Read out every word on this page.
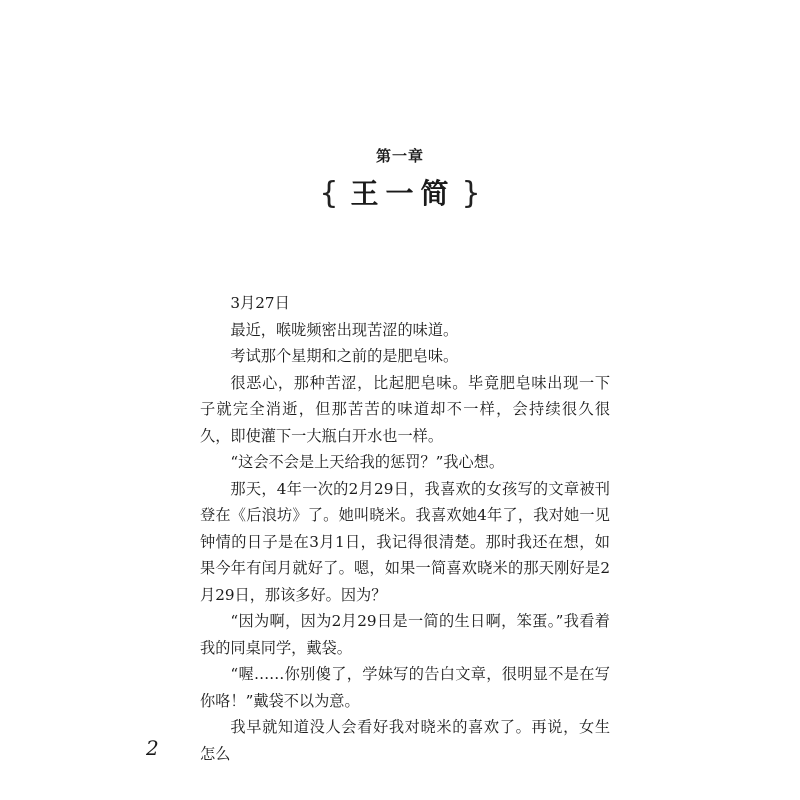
第一章
{ 王一简 }

3月27日

最近，喉咙频密出现苦涩的味道。

考试那个星期和之前的是肥皂味。

很恶心，那种苦涩，比起肥皂味。毕竟肥皂味出现一下子就完全消逝，但那苦苦的味道却不一样，会持续很久很久，即使灌下一大瓶白开水也一样。

“这会不会是上天给我的惩罚？”我心想。

那天，4年一次的2月29日，我喜欢的女孩写的文章被刊登在《后浪坊》了。她叫晓米。我喜欢她4年了，我对她一见钟情的日子是在3月1日，我记得很清楚。那时我还在想，如果今年有闰月就好了。嗯，如果一简喜欢晓米的那天刚好是2月29日，那该多好。因为？

“因为啊，因为2月29日是一简的生日啊，笨蛋。”我看着我的同桌同学，戴袋。

“喔……你别傻了，学妹写的告白文章，很明显不是在写你咯！”戴袋不以为意。

我早就知道没人会看好我对晓米的喜欢了。再说，女生怎么

2
